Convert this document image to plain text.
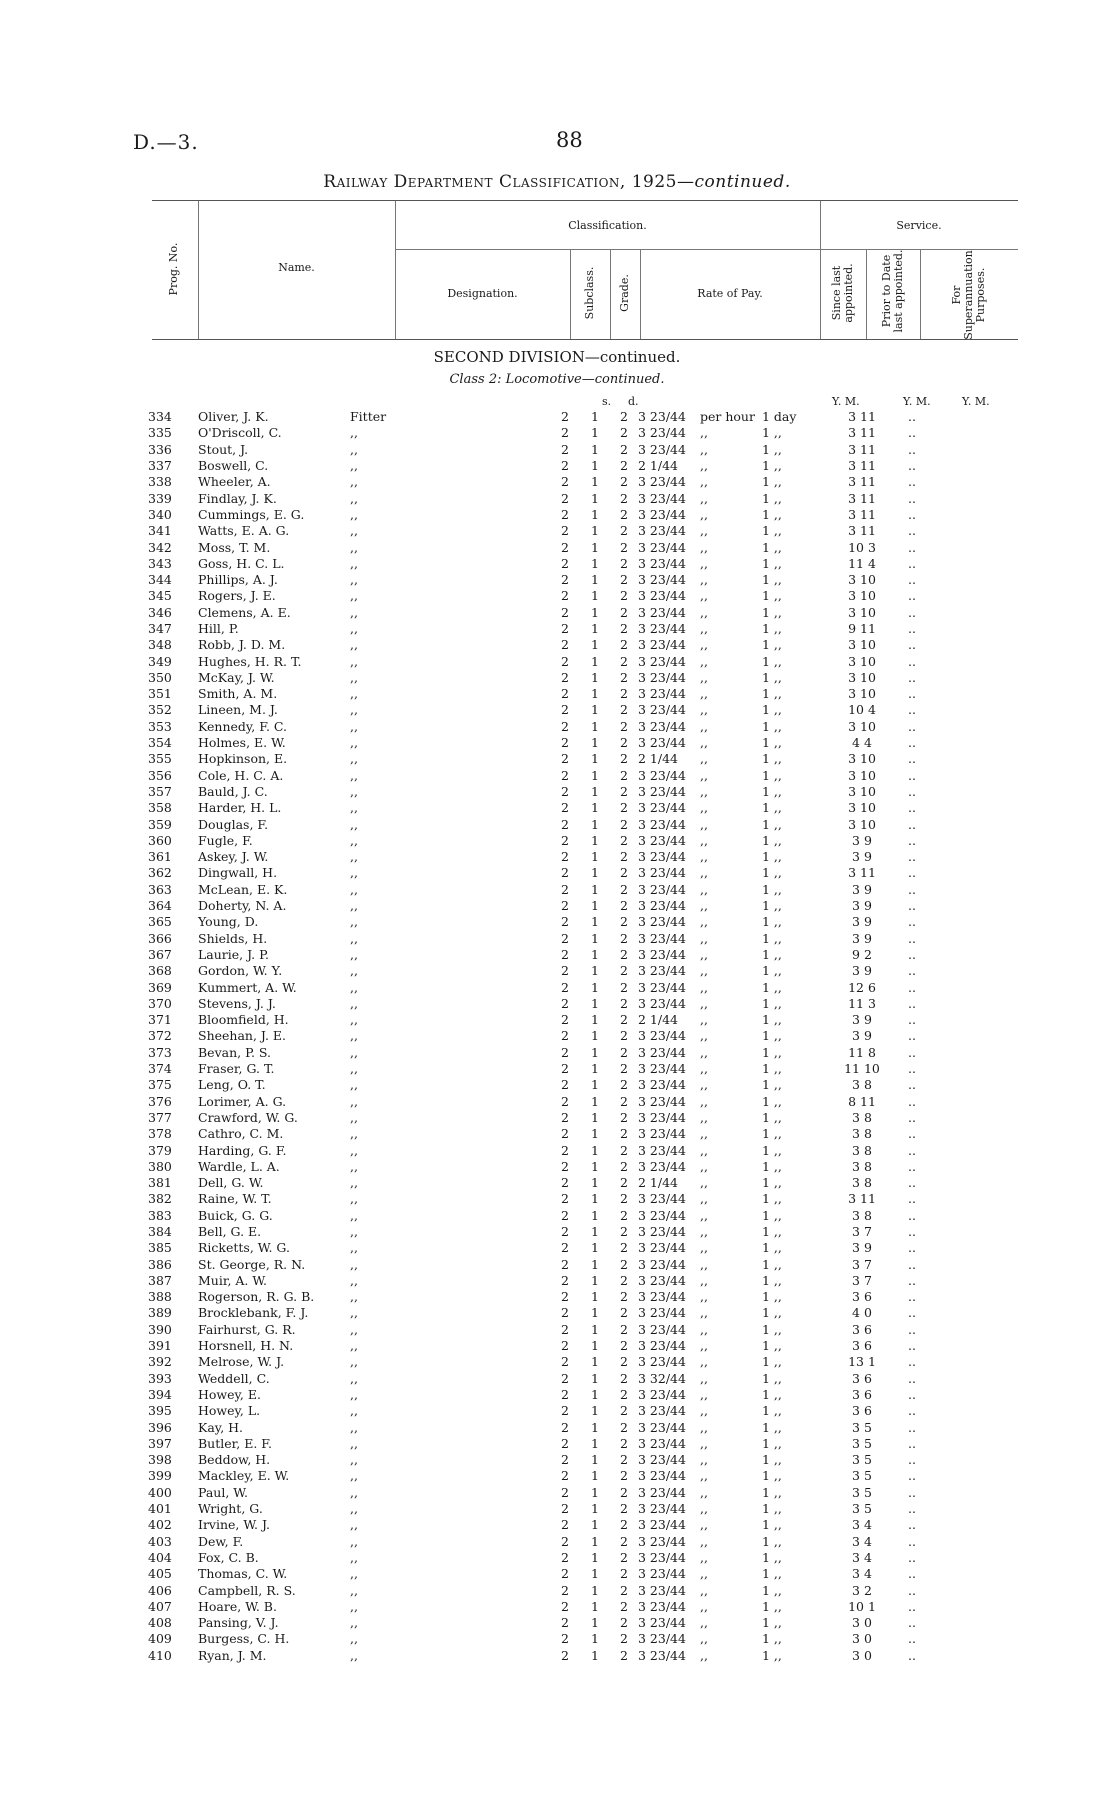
D.—3.	88
Railway Department Classification, 1925—continued.
Prog. No.	Name.
Classification.	Service.
Designation.	Subclass. Grade.	Rate of Pay.	Since last appointed. Prior to Date last appointed.	For Superannuation Purposes.
SECOND DIVISION—continued.
Class 2: Locomotive—continued.
s. d.	Y. M.	Y. M.	Y. M.
334	Oliver, J. K.	Fitter	2	1	2	3 23/44	per hour	1 day	3 11	..
335	O'Driscoll, C.	,,	2	1	2	3 23/44	,,	1 ,,	3 11	..
336	Stout, J.	,,	2	1	2	3 23/44	,,	1 ,,	3 11	..
337	Boswell, C.	,,	2	1	2	2 1/44	,,	1 ,,	3 11	..
338	Wheeler, A.	,,	2	1	2	3 23/44	,,	1 ,,	3 11	..
339	Findlay, J. K.	,,	2	1	2	3 23/44	,,	1 ,,	3 11	..
340	Cummings, E. G.	,,	2	1	2	3 23/44	,,	1 ,,	3 11	..
341	Watts, E. A. G.	,,	2	1	2	3 23/44	,,	1 ,,	3 11	..
342	Moss, T. M.	,,	2	1	2	3 23/44	,,	1 ,,	10 3	..
343	Goss, H. C. L.	,,	2	1	2	3 23/44	,,	1 ,,	11 4	..
344	Phillips, A. J.	,,	2	1	2	3 23/44	,,	1 ,,	3 10	..
345	Rogers, J. E.	,,	2	1	2	3 23/44	,,	1 ,,	3 10	..
346	Clemens, A. E.	,,	2	1	2	3 23/44	,,	1 ,,	3 10	..
347	Hill, P.	,,	2	1	2	3 23/44	,,	1 ,,	9 11	..
348	Robb, J. D. M.	,,	2	1	2	3 23/44	,,	1 ,,	3 10	..
349	Hughes, H. R. T.	,,	2	1	2	3 23/44	,,	1 ,,	3 10	..
350	McKay, J. W.	,,	2	1	2	3 23/44	,,	1 ,,	3 10	..
351	Smith, A. M.	,,	2	1	2	3 23/44	,,	1 ,,	3 10	..
352	Lineen, M. J.	,,	2	1	2	3 23/44	,,	1 ,,	10 4	..
353	Kennedy, F. C.	,,	2	1	2	3 23/44	,,	1 ,,	3 10	..
354	Holmes, E. W.	,,	2	1	2	3 23/44	,,	1 ,,	4 4	..
355	Hopkinson, E.	,,	2	1	2	2 1/44	,,	1 ,,	3 10	..
356	Cole, H. C. A.	,,	2	1	2	3 23/44	,,	1 ,,	3 10	..
357	Bauld, J. C.	,,	2	1	2	3 23/44	,,	1 ,,	3 10	..
358	Harder, H. L.	,,	2	1	2	3 23/44	,,	1 ,,	3 10	..
359	Douglas, F.	,,	2	1	2	3 23/44	,,	1 ,,	3 10	..
360	Fugle, F.	,,	2	1	2	3 23/44	,,	1 ,,	3 9	..
361	Askey, J. W.	,,	2	1	2	3 23/44	,,	1 ,,	3 9	..
362	Dingwall, H.	,,	2	1	2	3 23/44	,,	1 ,,	3 11	..
363	McLean, E. K.	,,	2	1	2	3 23/44	,,	1 ,,	3 9	..
364	Doherty, N. A.	,,	2	1	2	3 23/44	,,	1 ,,	3 9	..
365	Young, D.	,,	2	1	2	3 23/44	,,	1 ,,	3 9	..
366	Shields, H.	,,	2	1	2	3 23/44	,,	1 ,,	3 9	..
367	Laurie, J. P.	,,	2	1	2	3 23/44	,,	1 ,,	9 2	..
368	Gordon, W. Y.	,,	2	1	2	3 23/44	,,	1 ,,	3 9	..
369	Kummert, A. W.	,,	2	1	2	3 23/44	,,	1 ,,	12 6	..
370	Stevens, J. J.	,,	2	1	2	3 23/44	,,	1 ,,	11 3	..
371	Bloomfield, H.	,,	2	1	2	2 1/44	,,	1 ,,	3 9	..
372	Sheehan, J. E.	,,	2	1	2	3 23/44	,,	1 ,,	3 9	..
373	Bevan, P. S.	,,	2	1	2	3 23/44	,,	1 ,,	11 8	..
374	Fraser, G. T.	,,	2	1	2	3 23/44	,,	1 ,,	11 10	..
375	Leng, O. T.	,,	2	1	2	3 23/44	,,	1 ,,	3 8	..
376	Lorimer, A. G.	,,	2	1	2	3 23/44	,,	1 ,,	8 11	..
377	Crawford, W. G.	,,	2	1	2	3 23/44	,,	1 ,,	3 8	..
378	Cathro, C. M.	,,	2	1	2	3 23/44	,,	1 ,,	3 8	..
379	Harding, G. F.	,,	2	1	2	3 23/44	,,	1 ,,	3 8	..
380	Wardle, L. A.	,,	2	1	2	3 23/44	,,	1 ,,	3 8	..
381	Dell, G. W.	,,	2	1	2	2 1/44	,,	1 ,,	3 8	..
382	Raine, W. T.	,,	2	1	2	3 23/44	,,	1 ,,	3 11	..
383	Buick, G. G.	,,	2	1	2	3 23/44	,,	1 ,,	3 8	..
384	Bell, G. E.	,,	2	1	2	3 23/44	,,	1 ,,	3 7	..
385	Ricketts, W. G.	,,	2	1	2	3 23/44	,,	1 ,,	3 9	..
386	St. George, R. N.	,,	2	1	2	3 23/44	,,	1 ,,	3 7	..
387	Muir, A. W.	,,	2	1	2	3 23/44	,,	1 ,,	3 7	..
388	Rogerson, R. G. B.	,,	2	1	2	3 23/44	,,	1 ,,	3 6	..
389	Brocklebank, F. J.	,,	2	1	2	3 23/44	,,	1 ,,	4 0	..
390	Fairhurst, G. R.	,,	2	1	2	3 23/44	,,	1 ,,	3 6	..
391	Horsnell, H. N.	,,	2	1	2	3 23/44	,,	1 ,,	3 6	..
392	Melrose, W. J.	,,	2	1	2	3 23/44	,,	1 ,,	13 1	..
393	Weddell, C.	,,	2	1	2	3 32/44	,,	1 ,,	3 6	..
394	Howey, E.	,,	2	1	2	3 23/44	,,	1 ,,	3 6	..
395	Howey, L.	,,	2	1	2	3 23/44	,,	1 ,,	3 6	..
396	Kay, H.	,,	2	1	2	3 23/44	,,	1 ,,	3 5	..
397	Butler, E. F.	,,	2	1	2	3 23/44	,,	1 ,,	3 5	..
398	Beddow, H.	,,	2	1	2	3 23/44	,,	1 ,,	3 5	..
399	Mackley, E. W.	,,	2	1	2	3 23/44	,,	1 ,,	3 5	..
400	Paul, W.	,,	2	1	2	3 23/44	,,	1 ,,	3 5	..
401	Wright, G.	,,	2	1	2	3 23/44	,,	1 ,,	3 5	..
402	Irvine, W. J.	,,	2	1	2	3 23/44	,,	1 ,,	3 4	..
403	Dew, F.	,,	2	1	2	3 23/44	,,	1 ,,	3 4	..
404	Fox, C. B.	,,	2	1	2	3 23/44	,,	1 ,,	3 4	..
405	Thomas, C. W.	,,	2	1	2	3 23/44	,,	1 ,,	3 4	..
406	Campbell, R. S.	,,	2	1	2	3 23/44	,,	1 ,,	3 2	..
407	Hoare, W. B.	,,	2	1	2	3 23/44	,,	1 ,,	10 1	..
408	Pansing, V. J.	,,	2	1	2	3 23/44	,,	1 ,,	3 0	..
409	Burgess, C. H.	,,	2	1	2	3 23/44	,,	1 ,,	3 0	..
410	Ryan, J. M.	,,	2	1	2	3 23/44	,,	1 ,,	3 0	..
